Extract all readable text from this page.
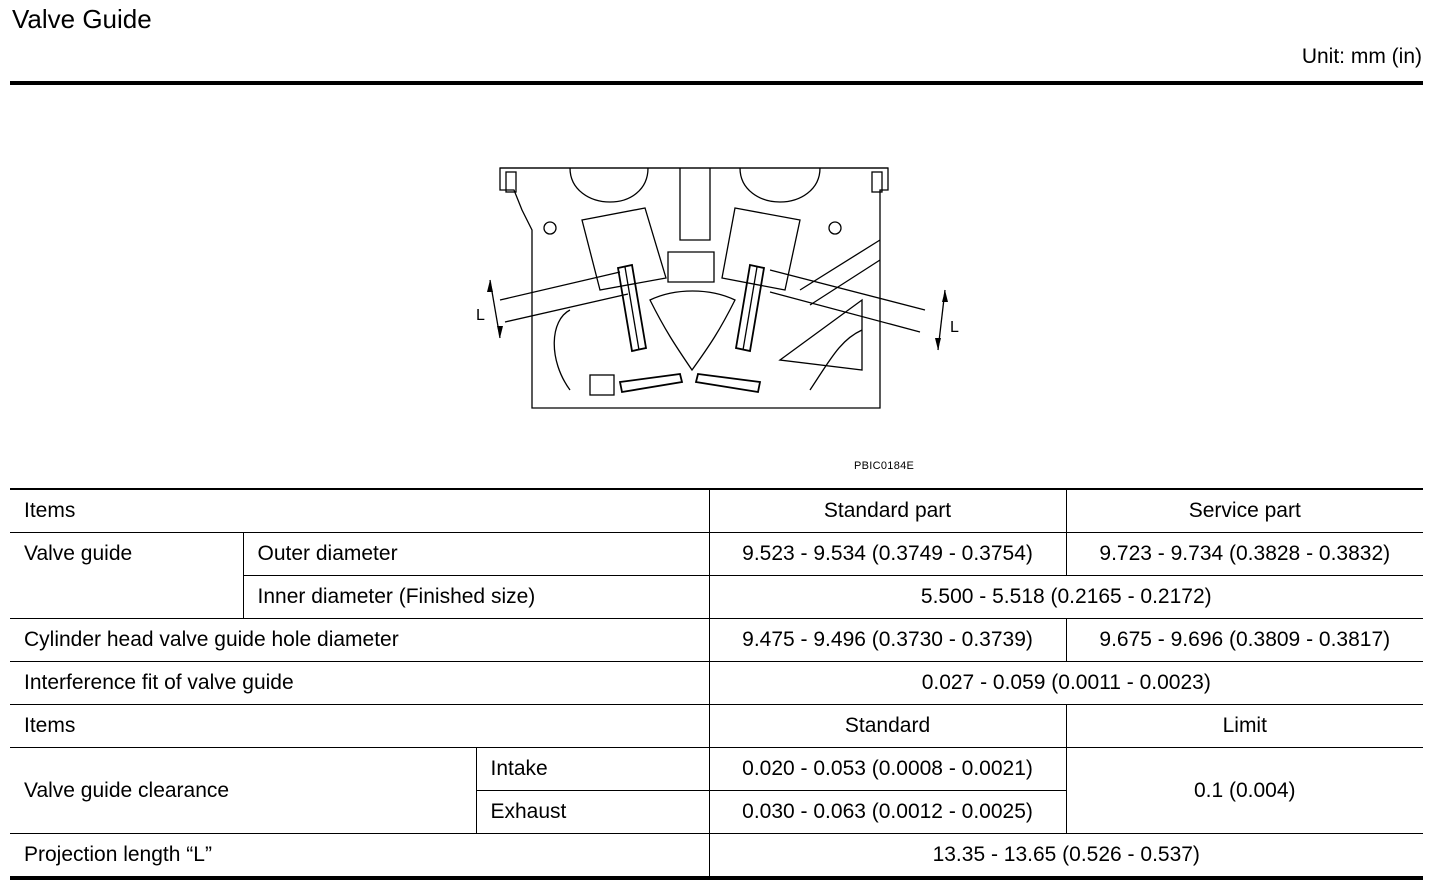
Valve Guide
Unit: mm (in)
L
L
PBIC0184E
Items			Standard part	Service part
Valve guide	Outer diameter		9.523 - 9.534 (0.3749 - 0.3754)	9.723 - 9.734 (0.3828 - 0.3832)
	Inner diameter (Finished size)		5.500 - 5.518 (0.2165 - 0.2172)	
Cylinder head valve guide hole diameter			9.475 - 9.496 (0.3730 - 0.3739)	9.675 - 9.696 (0.3809 - 0.3817)
Interference fit of valve guide			0.027 - 0.059 (0.0011 - 0.0023)	
Items			Standard	Limit
Valve guide clearance		Intake	0.020 - 0.053 (0.0008 - 0.0021)	0.1 (0.004)
		Exhaust	0.030 - 0.063 (0.0012 - 0.0025)	
Projection length “L”			13.35 - 13.65 (0.526 - 0.537)	
